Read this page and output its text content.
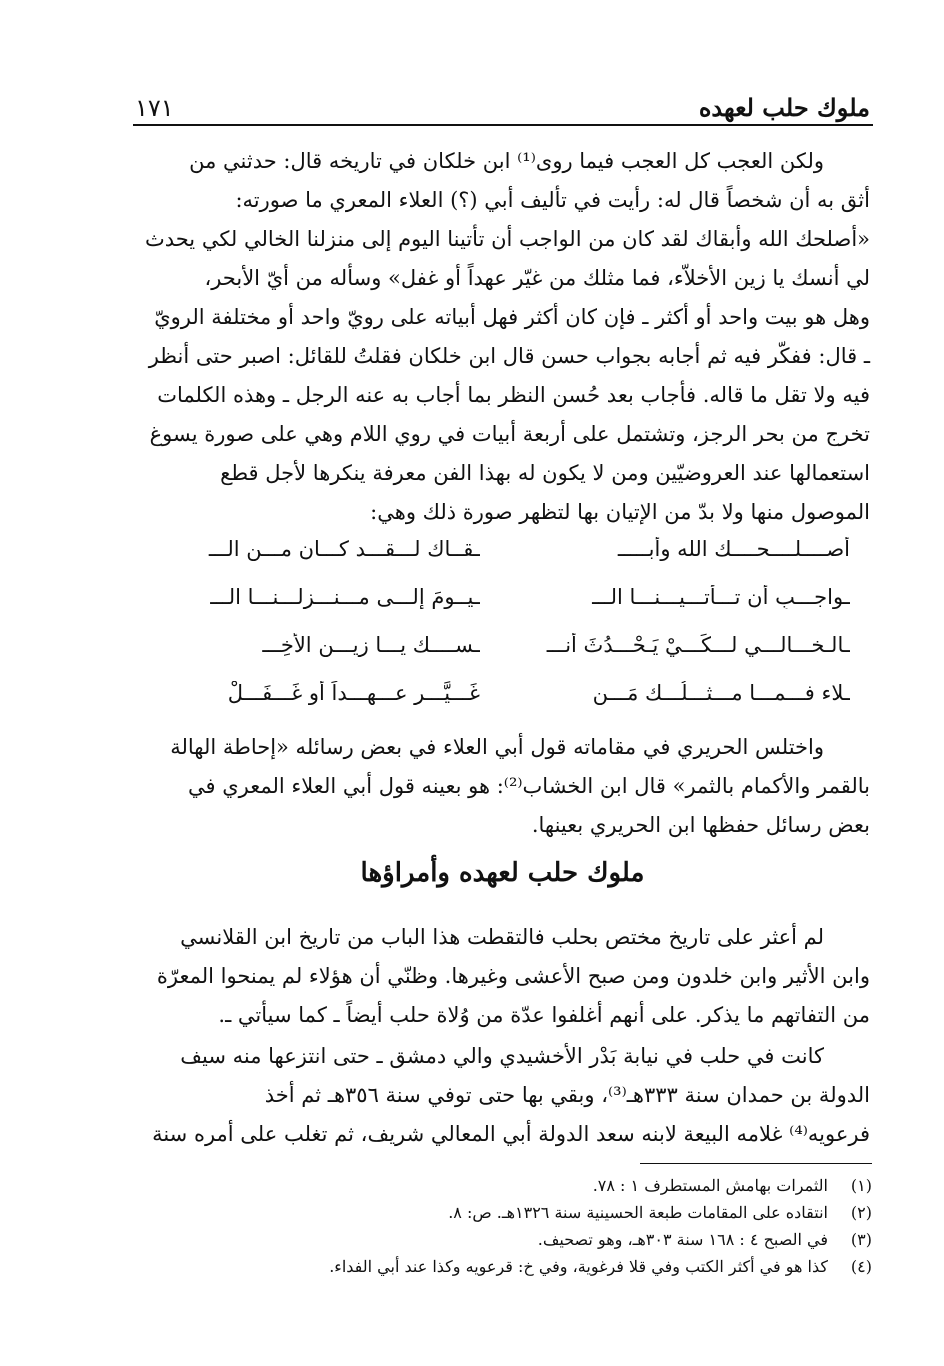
ملوك حلب لعهده
١٧١

ولكن العجب كل العجب فيما روى⁽¹⁾ ابن خلكان في تاريخه قال: حدثني من

أثق به أن شخصاً قال له: رأيت في تأليف أبي (؟) العلاء المعري ما صورته:

«أصلحك الله وأبقاك لقد كان من الواجب أن تأتينا اليوم إلى منزلنا الخالي لكي يحدث

لي أنسك يا زين الأخلاّء، فما مثلك من غيّر عهداً أو غفل» وسأله من أيّ الأبحر،

وهل هو بيت واحد أو أكثر ـ فإن كان أكثر فهل أبياته على رويّ واحد أو مختلفة الرويّ

ـ قال: ففكّر فيه ثم أجابه بجواب حسن قال ابن خلكان فقلتُ للقائل: اصبر حتى أنظر

فيه ولا تقل ما قاله. فأجاب بعد حُسن النظر بما أجاب به عنه الرجل ـ وهذه الكلمات

تخرج من بحر الرجز، وتشتمل على أربعة أبيات في روي اللام وهي على صورة يسوغ

استعمالها عند العروضيّين ومن لا يكون له بهذا الفن معرفة ينكرها لأجل قطع

الموصول منها ولا بدّ من الإتيان بها لتظهر صورة ذلك وهي:

أصــــلــــحــــك الله وأبـــــ
ـقــاك لـــقـــد كـــان مـــن الـــ
ـواجـــبِ أن تـــأتـــيـــنـــا الـــ
ـيــومَ إلـــى مـــنـــزلـــنـــا الـــ
ـالـخـــالـــي لـــكَـــيْ يَـحْـــدُثَ أُنـــ
ـســــك يـــا زيـــن الأخِـــ
ـلاء فـــمـــا مـــثـــلُـــك مَـــن
غَـــيَّـــر عـــهـــداً أو غَـــفَـــلْ

واختلس الحريري في مقاماته قول أبي العلاء في بعض رسائله «إحاطة الهالة

بالقمر والأكمام بالثمر» قال ابن الخشاب⁽²⁾: هو بعينه قول أبي العلاء المعري في

بعض رسائل حفظها ابن الحريري بعينها.

ملوك حلب لعهده وأمراؤها

لم أعثر على تاريخ مختص بحلب فالتقطت هذا الباب من تاريخ ابن القلانسي

وابن الأثير وابن خلدون ومن صبح الأعشى وغيرها. وظنّي أن هؤلاء لم يمنحوا المعرّة

من التفاتهم ما يذكر. على أنهم أغلفوا عدّة من وُلاة حلب أيضاً ـ كما سيأتي ـ.

كانت في حلب في نيابة بَدْر الأخشيدي والي دمشق ـ حتى انتزعها منه سيف

الدولة بن حمدان سنة ٣٣٣هـ⁽³⁾، وبقي بها حتى توفي سنة ٣٥٦هـ ثم أخذ

فرعويه⁽⁴⁾ غلامه البيعة لابنه سعد الدولة أبي المعالي شريف، ثم تغلب على أمره سنة

(١)
الثمرات بهامش المستطرف ١ : ٧٨.
(٢)
انتقاده على المقامات طبعة الحسينية سنة ١٣٢٦هـ. ص: ٨.
(٣)
في الصبح ٤ : ١٦٨ سنة ٣٠٣هـ، وهو تصحيف.
(٤)
كذا هو في أكثر الكتب وفي قلا فرغوية، وفي خ: قرعويه وكذا عند أبي الفداء.
